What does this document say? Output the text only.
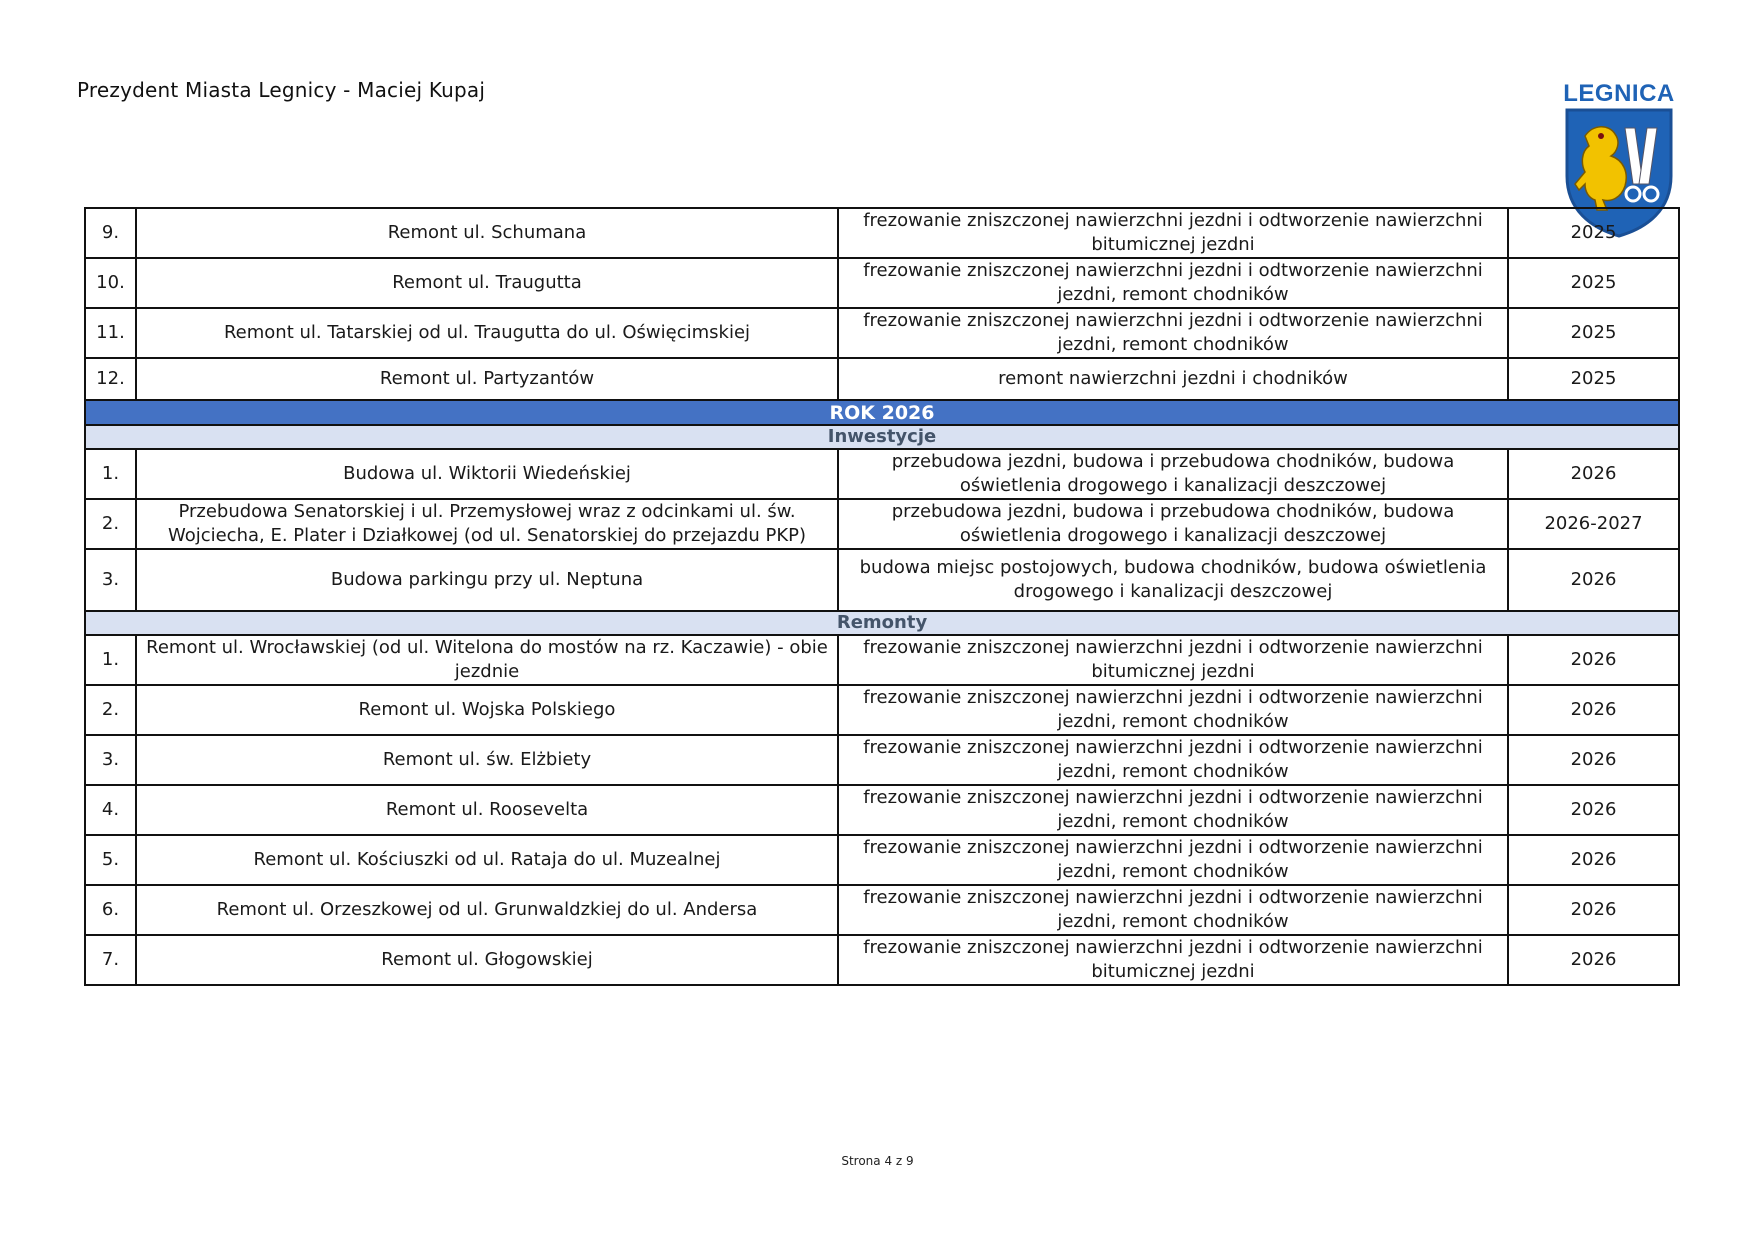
Prezydent Miasta Legnicy - Maciej Kupaj	LEGNICA
9.	Remont ul. Schumana	frezowanie zniszczonej nawierzchni jezdni i odtworzenie nawierzchni bitumicznej jezdni	2025
10.	Remont ul. Traugutta	frezowanie zniszczonej nawierzchni jezdni i odtworzenie nawierzchni jezdni, remont chodników	2025
11.	Remont ul. Tatarskiej od ul. Traugutta do ul. Oświęcimskiej	frezowanie zniszczonej nawierzchni jezdni i odtworzenie nawierzchni jezdni, remont chodników	2025
12.	Remont ul. Partyzantów	remont nawierzchni jezdni i chodników	2025
ROK 2026			
Inwestycje			
1.	Budowa ul. Wiktorii Wiedeńskiej	przebudowa jezdni, budowa i przebudowa chodników, budowa oświetlenia drogowego i kanalizacji deszczowej	2026
2.	Przebudowa Senatorskiej i ul. Przemysłowej wraz z odcinkami ul. św. Wojciecha, E. Plater i Działkowej (od ul. Senatorskiej do przejazdu PKP)	przebudowa jezdni, budowa i przebudowa chodników, budowa oświetlenia drogowego i kanalizacji deszczowej	2026-2027
3.	Budowa parkingu przy ul. Neptuna	budowa miejsc postojowych, budowa chodników, budowa oświetlenia drogowego i kanalizacji deszczowej	2026
Remonty			
1.	Remont ul. Wrocławskiej (od ul. Witelona do mostów na rz. Kaczawie) - obie jezdnie	frezowanie zniszczonej nawierzchni jezdni i odtworzenie nawierzchni bitumicznej jezdni	2026
2.	Remont ul. Wojska Polskiego	frezowanie zniszczonej nawierzchni jezdni i odtworzenie nawierzchni jezdni, remont chodników	2026
3.	Remont ul. św. Elżbiety	frezowanie zniszczonej nawierzchni jezdni i odtworzenie nawierzchni jezdni, remont chodników	2026
4.	Remont ul. Roosevelta	frezowanie zniszczonej nawierzchni jezdni i odtworzenie nawierzchni jezdni, remont chodników	2026
5.	Remont ul. Kościuszki od ul. Rataja do ul. Muzealnej	frezowanie zniszczonej nawierzchni jezdni i odtworzenie nawierzchni jezdni, remont chodników	2026
6.	Remont ul. Orzeszkowej od ul. Grunwaldzkiej do ul. Andersa	frezowanie zniszczonej nawierzchni jezdni i odtworzenie nawierzchni jezdni, remont chodników	2026
7.	Remont ul. Głogowskiej	frezowanie zniszczonej nawierzchni jezdni i odtworzenie nawierzchni bitumicznej jezdni	2026
Strona 4 z 9
